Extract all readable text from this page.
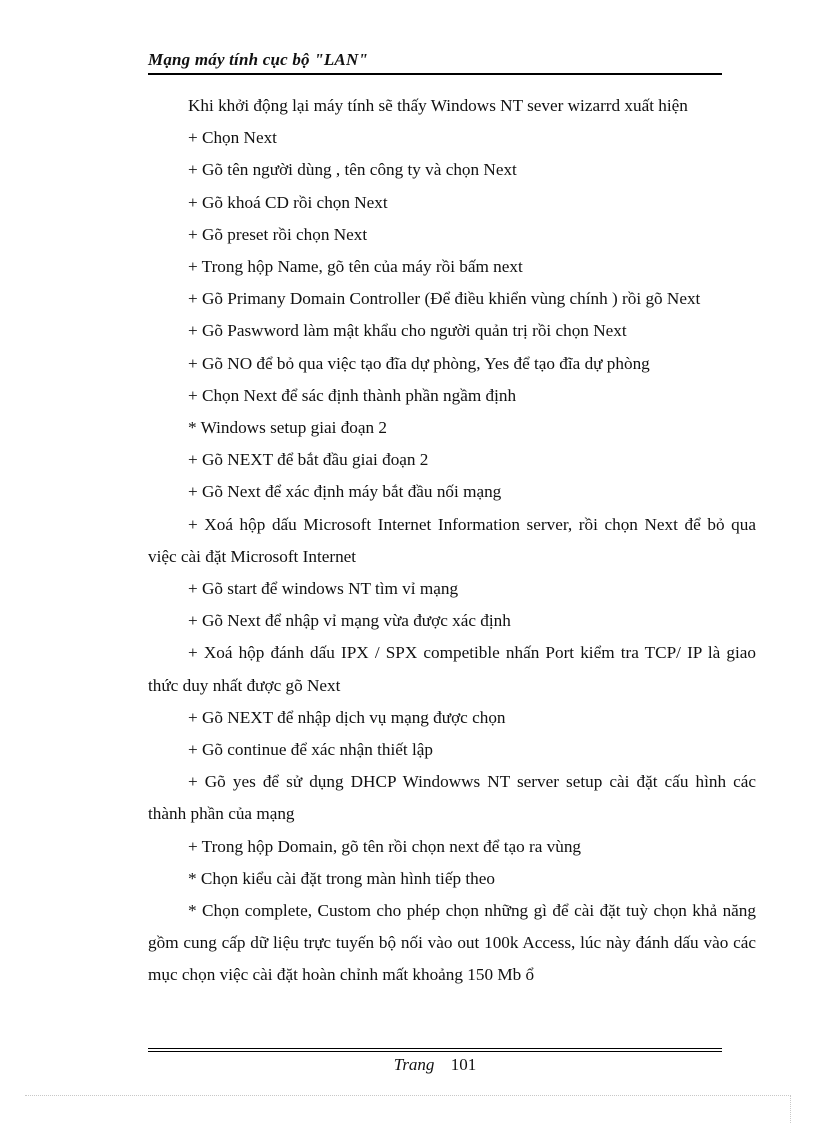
Mạng máy tính cục bộ "LAN"

Khi khởi động lại máy tính sẽ thấy Windows NT sever wizarrd xuất hiện

+ Chọn Next

+ Gõ tên người dùng , tên công ty và chọn Next

+ Gõ khoá CD rồi chọn Next

+ Gõ preset rồi chọn Next

+ Trong hộp Name, gõ tên của máy rồi bấm next

+ Gõ Primany Domain Controller (Để điều khiển vùng chính ) rồi gõ Next

+ Gõ Paswword làm mật khẩu cho người quản trị rồi chọn Next

+ Gõ NO để bỏ qua việc tạo đĩa dự phòng, Yes để tạo đĩa dự phòng

+ Chọn Next để sác định thành phần ngầm định

* Windows setup giai đoạn 2

+ Gõ NEXT để bắt đầu giai đoạn 2

+ Gõ Next để xác định máy bắt đầu nối mạng

+ Xoá hộp dấu Microsoft Internet Information server, rồi chọn Next để bỏ qua việc cài đặt Microsoft Internet

+ Gõ start để windows NT tìm vỉ mạng

+ Gõ Next để nhập vỉ mạng vừa được xác định

+ Xoá hộp đánh dấu IPX / SPX competible nhấn Port kiểm tra TCP/ IP là giao thức duy nhất được gõ Next

+ Gõ NEXT để nhập dịch vụ mạng được chọn

+ Gõ continue để xác nhận thiết lập

+ Gõ yes để sử dụng DHCP Windowws NT server setup cài đặt cấu hình các thành phần của mạng

+ Trong hộp Domain, gõ tên rồi chọn next để tạo ra vùng

* Chọn kiểu cài đặt trong màn hình tiếp theo

* Chọn complete, Custom cho phép chọn những gì để cài đặt tuỳ chọn khả năng gồm cung cấp dữ liệu trực tuyến bộ nối vào out 100k Access, lúc này đánh dấu vào các mục chọn việc cài đặt hoàn chỉnh mất khoảng 150 Mb ổ

Trang 101
